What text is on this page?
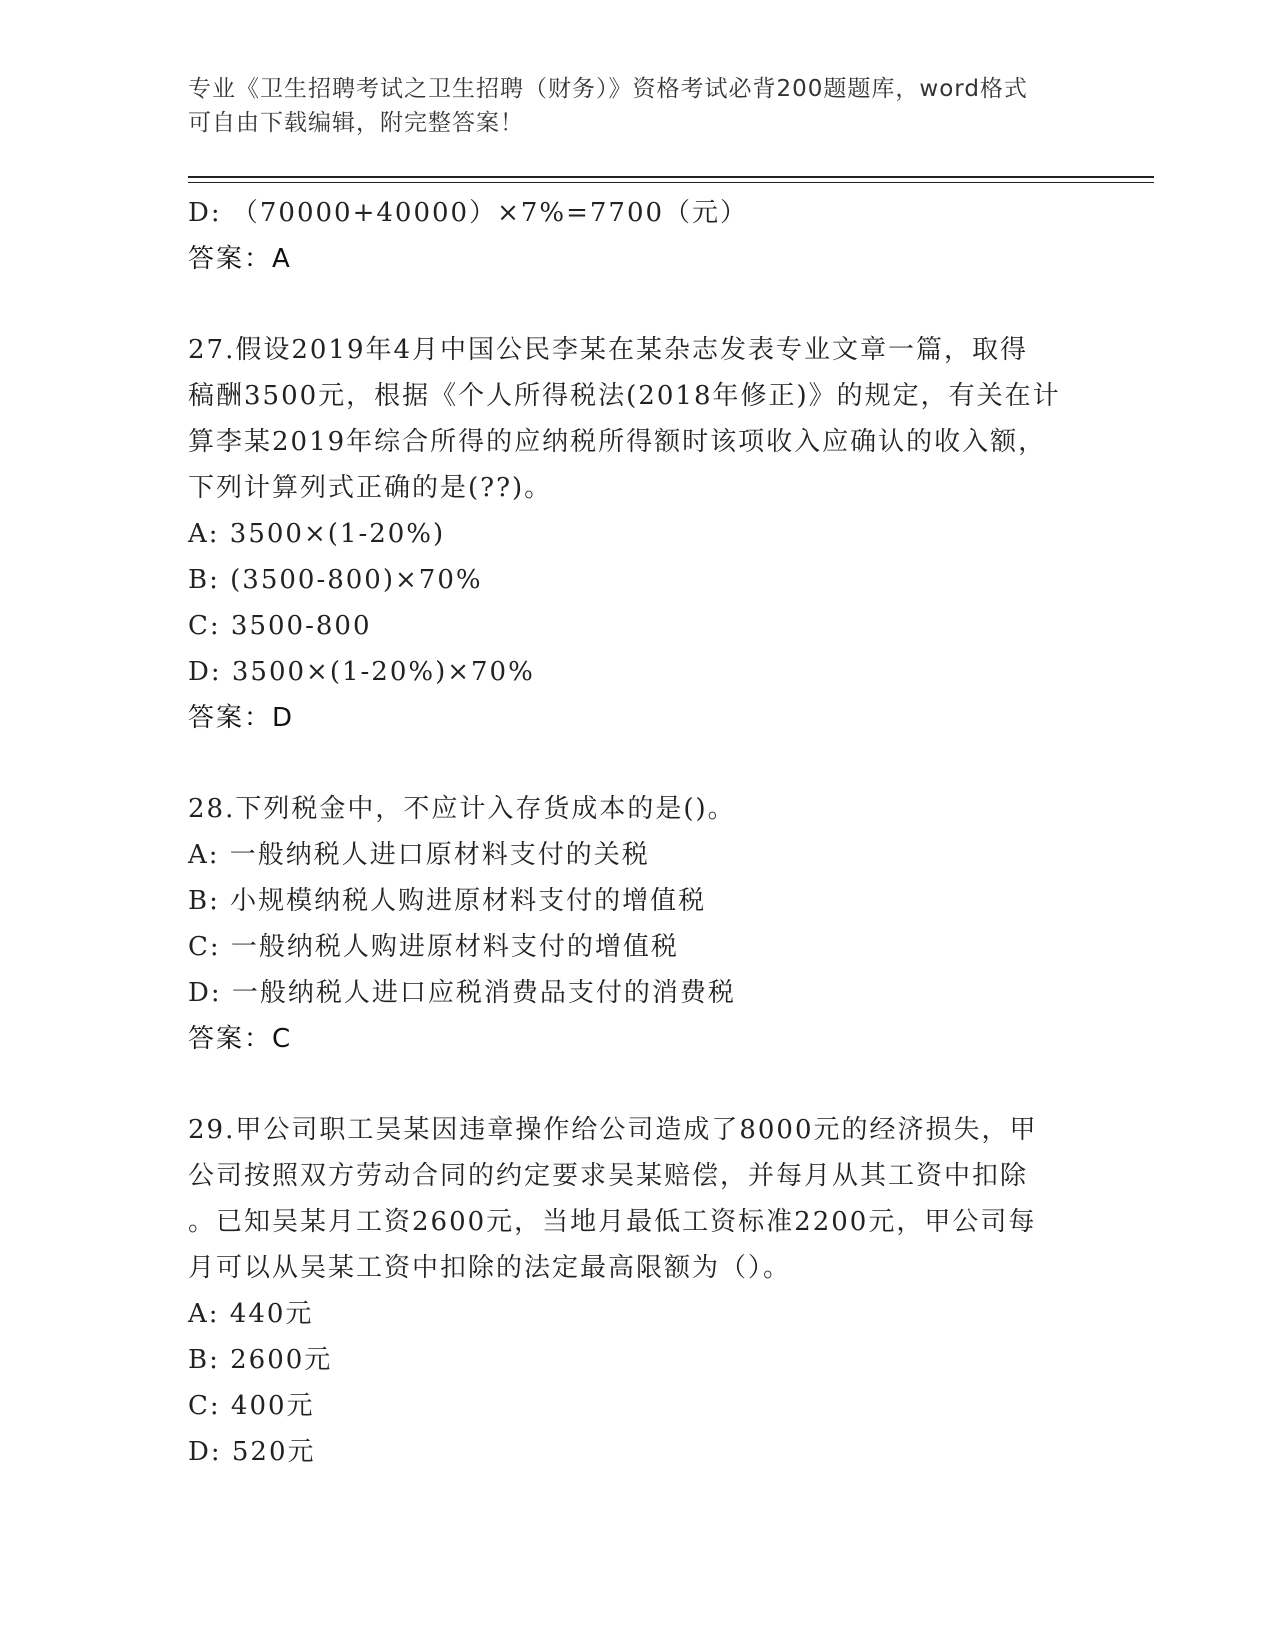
专业《卫生招聘考试之卫生招聘（财务）》资格考试必背200题题库，word格式
可自由下载编辑，附完整答案！
D: （70000+40000）×7%=7700（元）
答案：A
27.假设2019年4月中国公民李某在某杂志发表专业文章一篇，取得
稿酬3500元，根据《个人所得税法(2018年修正)》的规定，有关在计
算李某2019年综合所得的应纳税所得额时该项收入应确认的收入额，
下列计算列式正确的是(??)。
A: 3500×(1-20%)
B: (3500-800)×70%
C: 3500-800
D: 3500×(1-20%)×70%
答案：D
28.下列税金中，不应计入存货成本的是()。
A: 一般纳税人进口原材料支付的关税
B: 小规模纳税人购进原材料支付的增值税
C: 一般纳税人购进原材料支付的增值税
D: 一般纳税人进口应税消费品支付的消费税
答案：C
29.甲公司职工吴某因违章操作给公司造成了8000元的经济损失，甲
公司按照双方劳动合同的约定要求吴某赔偿，并每月从其工资中扣除
。已知吴某月工资2600元，当地月最低工资标准2200元，甲公司每
月可以从吴某工资中扣除的法定最高限额为（）。
A: 440元
B: 2600元
C: 400元
D: 520元
